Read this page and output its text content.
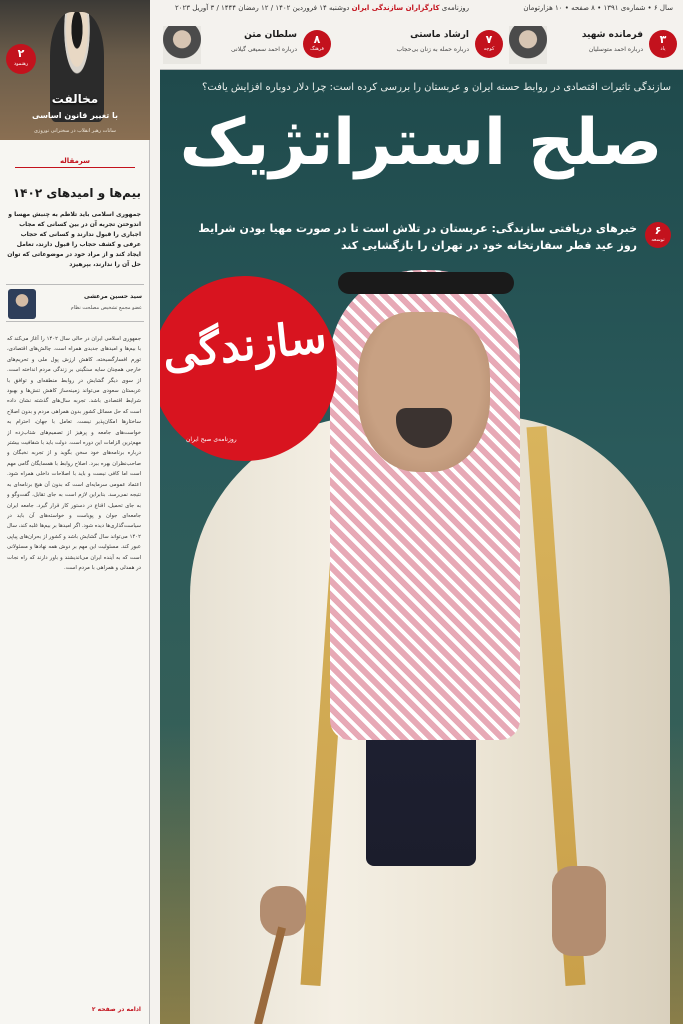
سال ۶ • شماره‌ی ۱۳۹۱ • ۸ صفحه • ۱۰ هزارتومان
روزنامه‌ی کارگزاران سازندگی ایران دوشنبه ۱۴ فروردین ۱۴۰۲ / ۱۲ رمضان ۱۴۴۴ / ۳ آوریل ۲۰۲۳
۳
یاد
فرمانده شهید
درباره احمد متوسلیان
۷
کوچه
ارشاد ماستی
درباره حمله به زنان بی‌حجاب
۸
فرهنگ
سلطان متن
درباره احمد سمیعی گیلانی
۲
رهنمود
مخالفت
با تغییر قانون اساسی
سانات رهبر انقلاب در سخنرانی نوروزی
سرمقاله
بیم‌ها و امیدهای ۱۴۰۲

جمهوری اسلامی باید تلاطم به چنبش مهسا و اندوختن تجربه آن در بین کسانی که مجاب اجباری را قبول ندارند و کسانی که حجاب عرفی و کشف حجاب را قبول دارند، تعامل ایجاد کند و از مراد خود در موضوعاتی که توان حل آن را ندارند، بپرهیزد

سید حسین مرعشی
عضو مجمع تشخیص مصلحت نظام

جمهوری اسلامی ایران در حالی سال ۱۴۰۲ را آغاز می‌کند که با بیم‌ها و امیدهای جدیدی همراه است. چالش‌های اقتصادی، تورم افسارگسیخته، کاهش ارزش پول ملی و تحریم‌های خارجی همچنان سایه سنگینی بر زندگی مردم انداخته است. از سوی دیگر گشایش در روابط منطقه‌ای و توافق با عربستان سعودی می‌تواند زمینه‌ساز کاهش تنش‌ها و بهبود شرایط اقتصادی باشد. تجربه سال‌های گذشته نشان داده است که حل مسائل کشور بدون همراهی مردم و بدون اصلاح ساختارها امکان‌پذیر نیست. تعامل با جهان، احترام به خواست‌های جامعه و پرهیز از تصمیم‌های شتاب‌زده از مهم‌ترین الزامات این دوره است. دولت باید با شفافیت بیشتر درباره برنامه‌های خود سخن بگوید و از تجربه نخبگان و صاحب‌نظران بهره ببرد. اصلاح روابط با همسایگان گامی مهم است اما کافی نیست و باید با اصلاحات داخلی همراه شود. اعتماد عمومی سرمایه‌ای است که بدون آن هیچ برنامه‌ای به نتیجه نمی‌رسد. بنابراین لازم است به جای تقابل، گفت‌وگو و به جای تحمیل، اقناع در دستور کار قرار گیرد. جامعه ایران جامعه‌ای جوان و پویاست و خواسته‌های آن باید در سیاست‌گذاری‌ها دیده شود. اگر امیدها بر بیم‌ها غلبه کند، سال ۱۴۰۲ می‌تواند سال گشایش باشد و کشور از بحران‌های پیاپی عبور کند. مسئولیت این مهم بر دوش همه نهادها و مسئولانی است که به آینده ایران می‌اندیشند و باور دارند که راه نجات در همدلی و همراهی با مردم است.

ادامه در صفحه ۲
سازندگی تاثیرات اقتصادی در روابط حسنه ایران و عربستان را بررسی کرده است: چرا دلار دوباره افزایش یافت؟
صلح استراتژیک
۶
توسعه

خبرهای دریافتی سازندگی: عربستان در تلاش است تا در صورت مهیا بودن شرایط روز عید فطر سفارتخانه خود در تهران را بازگشایی کند

سازندگی
روزنامه‌ی صبح ایران
